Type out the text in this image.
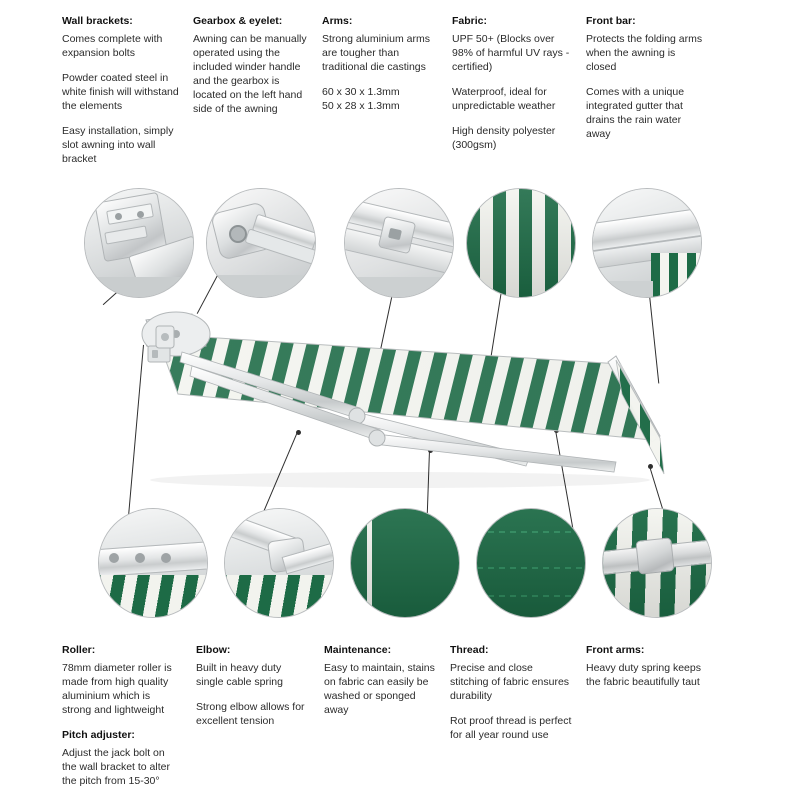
Wall brackets:

Comes complete with expansion bolts

Powder coated steel in white finish will withstand the elements

Easy installation, simply slot awning into wall bracket

Gearbox & eyelet:

Awning can be manually operated using the included winder handle and the gearbox is located on the left hand side of the awning

Arms:

Strong aluminium arms are tougher than traditional die castings

60 x 30 x 1.3mm

50 x 28 x 1.3mm

Fabric:

UPF 50+ (Blocks over 98% of harmful UV rays - certified)

Waterproof, ideal for unpredictable weather

High density polyester (300gsm)

Front bar:

Protects the folding arms when the awning is closed

Comes with a unique integrated gutter that drains the rain water away

Roller:

78mm diameter roller is made from high quality aluminium which is strong and lightweight

Pitch adjuster:

Adjust the jack bolt on the wall bracket to alter the pitch from 15-30°

Elbow:

Built in heavy duty single cable spring

Strong elbow allows for excellent tension

Maintenance:

Easy to maintain, stains on fabric can easily be washed or sponged away

Thread:

Precise and close stitching of fabric ensures durability

Rot proof thread is perfect for all year round use

Front arms:

Heavy duty spring keeps the fabric beautifully taut
